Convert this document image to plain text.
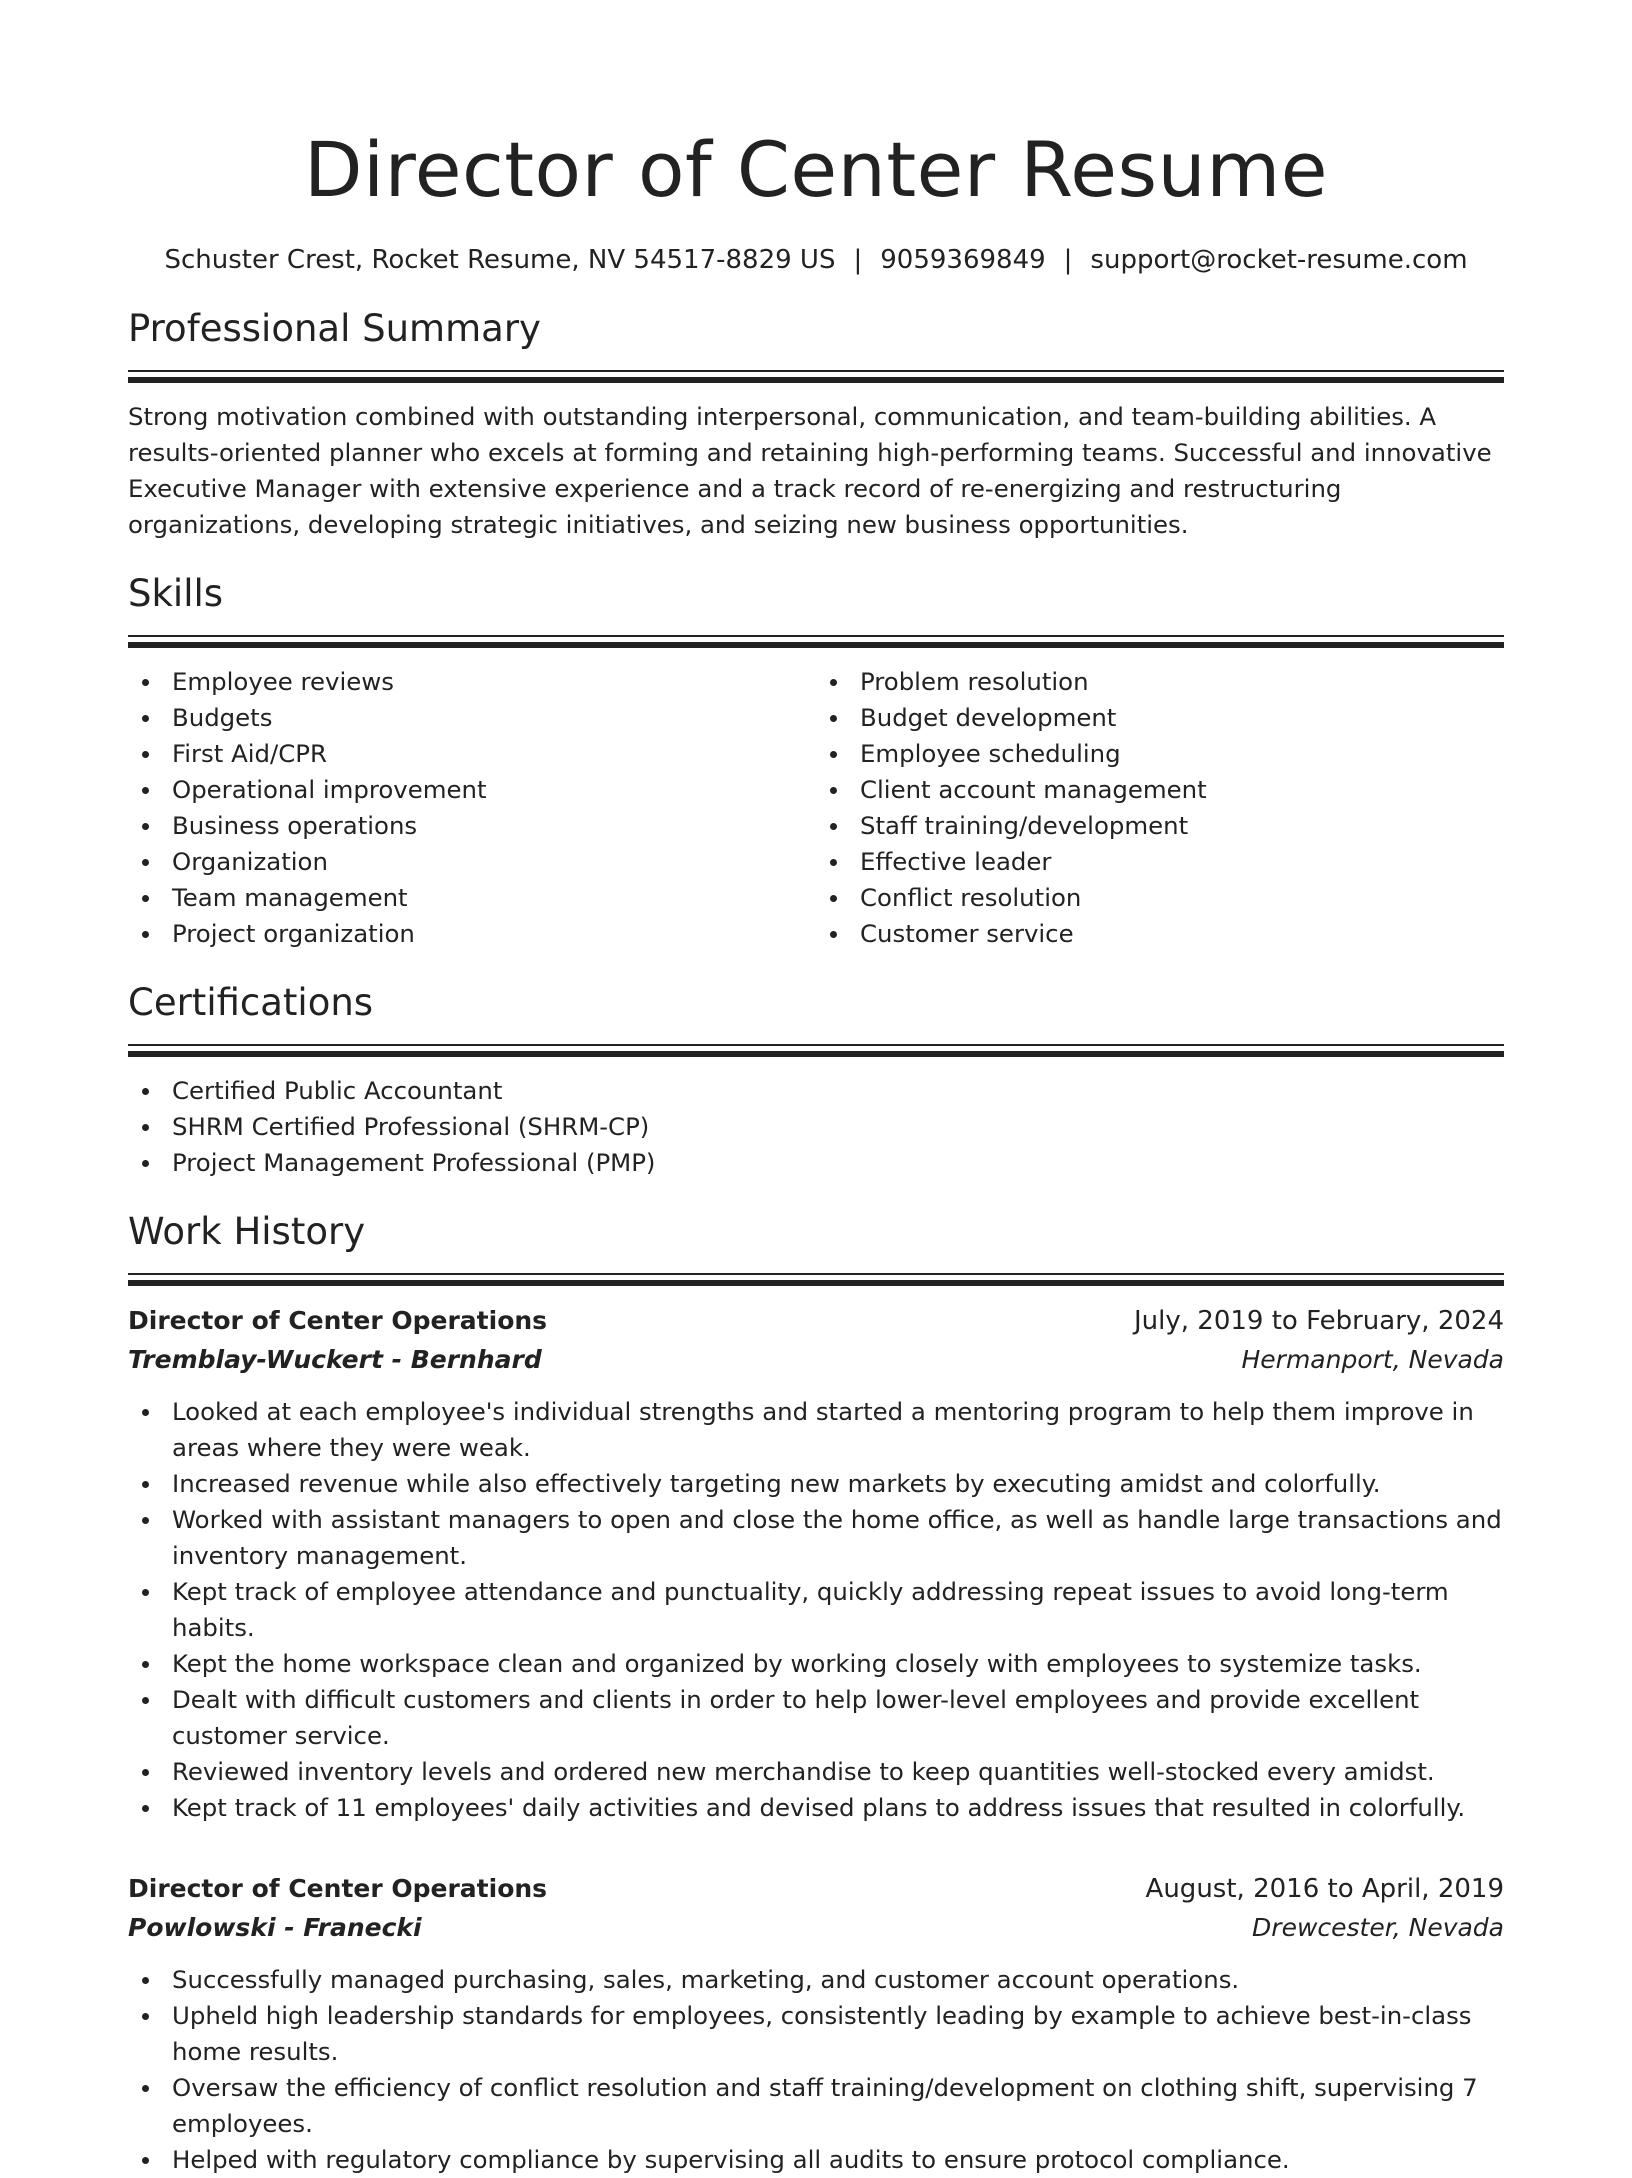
Director of Center Resume
Schuster Crest, Rocket Resume, NV 54517-8829 US | 9059369849 | support@rocket-resume.com
Professional Summary

Strong motivation combined with outstanding interpersonal, communication, and team-building abilities. A results-oriented planner who excels at forming and retaining high-performing teams. Successful and innovative Executive Manager with extensive experience and a track record of re-energizing and restructuring organizations, developing strategic initiatives, and seizing new business opportunities.

Skills
Employee reviews
Budgets
First Aid/CPR
Operational improvement
Business operations
Organization
Team management
Project organization
Problem resolution
Budget development
Employee scheduling
Client account management
Staff training/development
Effective leader
Conflict resolution
Customer service
Certifications
Certified Public Accountant
SHRM Certified Professional (SHRM-CP)
Project Management Professional (PMP)
Work History
Director of Center Operations	July, 2019 to February, 2024
Tremblay-Wuckert - Bernhard	Hermanport, Nevada
Looked at each employee's individual strengths and started a mentoring program to help them improve in areas where they were weak.
Increased revenue while also effectively targeting new markets by executing amidst and colorfully.
Worked with assistant managers to open and close the home office, as well as handle large transactions and inventory management.
Kept track of employee attendance and punctuality, quickly addressing repeat issues to avoid long-term habits.
Kept the home workspace clean and organized by working closely with employees to systemize tasks.
Dealt with difficult customers and clients in order to help lower-level employees and provide excellent customer service.
Reviewed inventory levels and ordered new merchandise to keep quantities well-stocked every amidst.
Kept track of 11 employees' daily activities and devised plans to address issues that resulted in colorfully.
Director of Center Operations	August, 2016 to April, 2019
Powlowski - Franecki	Drewcester, Nevada
Successfully managed purchasing, sales, marketing, and customer account operations.
Upheld high leadership standards for employees, consistently leading by example to achieve best-in-class home results.
Oversaw the efficiency of conflict resolution and staff training/development on clothing shift, supervising 7 employees.
Helped with regulatory compliance by supervising all audits to ensure protocol compliance.
